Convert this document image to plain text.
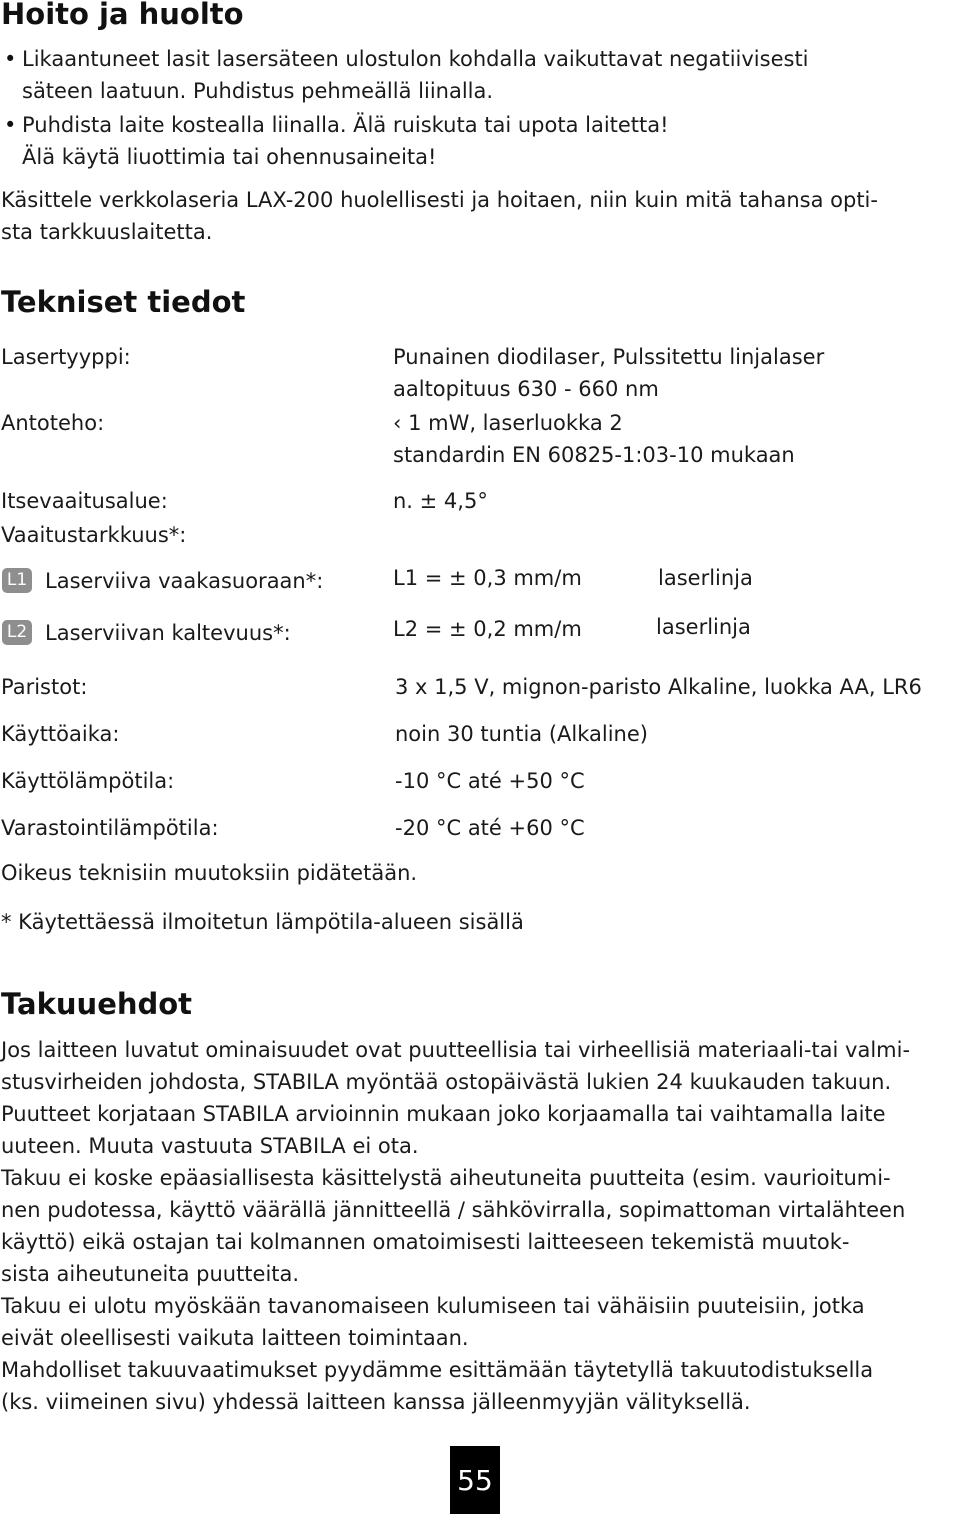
Hoito ja huolto
• Likaantuneet lasit lasersäteen ulostulon kohdalla vaikuttavat negatiivisesti
säteen laatuun. Puhdistus pehmeällä liinalla.

• Puhdista laite kostealla liinalla. Älä ruiskuta tai upota laitetta!
Älä käytä liuottimia tai ohennusaineita!

Käsittele verkkolaseria LAX-200 huolellisesti ja hoitaen, niin kuin mitä tahansa opti-
sta tarkkuuslaitetta.

Tekniset tiedot

Lasertyyppi:	Punainen diodilaser, Pulssitettu linjalaser
aaltopituus 630 - 660 nm

Antoteho:	‹ 1 mW, laserluokka 2
standardin EN 60825-1:03-10 mukaan

Itsevaaitusalue:	n. ± 4,5°

Vaaitustarkkuus*:

L1 Laserviiva vaakasuoraan*:	L1 = ± 0,3 mm/m	laserlinja

L2 Laserviivan kaltevuus*:	L2 = ± 0,2 mm/m	laserlinja

Paristot:	3 x 1,5 V, mignon-paristo Alkaline, luokka AA, LR6

Käyttöaika:	noin 30 tuntia (Alkaline)

Käyttölämpötila:	-10 °C até +50 °C

Varastointilämpötila:	-20 °C até +60 °C

Oikeus teknisiin muutoksiin pidätetään.

* Käytettäessä ilmoitetun lämpötila-alueen sisällä

Takuuehdot

Jos laitteen luvatut ominaisuudet ovat puutteellisia tai virheellisiä materiaali-tai valmi-
stusvirheiden johdosta, STABILA myöntää ostopäivästä lukien 24 kuukauden takuun.
Puutteet korjataan STABILA arvioinnin mukaan joko korjaamalla tai vaihtamalla laite
uuteen. Muuta vastuuta STABILA ei ota.

Takuu ei koske epäasiallisesta käsittelystä aiheutuneita puutteita (esim. vaurioitumi-
nen pudotessa, käyttö väärällä jännitteellä / sähkövirralla, sopimattoman virtalähteen
käyttö) eikä ostajan tai kolmannen omatoimisesti laitteeseen tekemistä muutok-
sista aiheutuneita puutteita.

Takuu ei ulotu myöskään tavanomaiseen kulumiseen tai vähäisiin puuteisiin, jotka
eivät oleellisesti vaikuta laitteen toimintaan.

Mahdolliset takuuvaatimukset pyydämme esittämään täytetyllä takuutodistuksella
(ks. viimeinen sivu) yhdessä laitteen kanssa jälleenmyyjän välityksellä.

55
